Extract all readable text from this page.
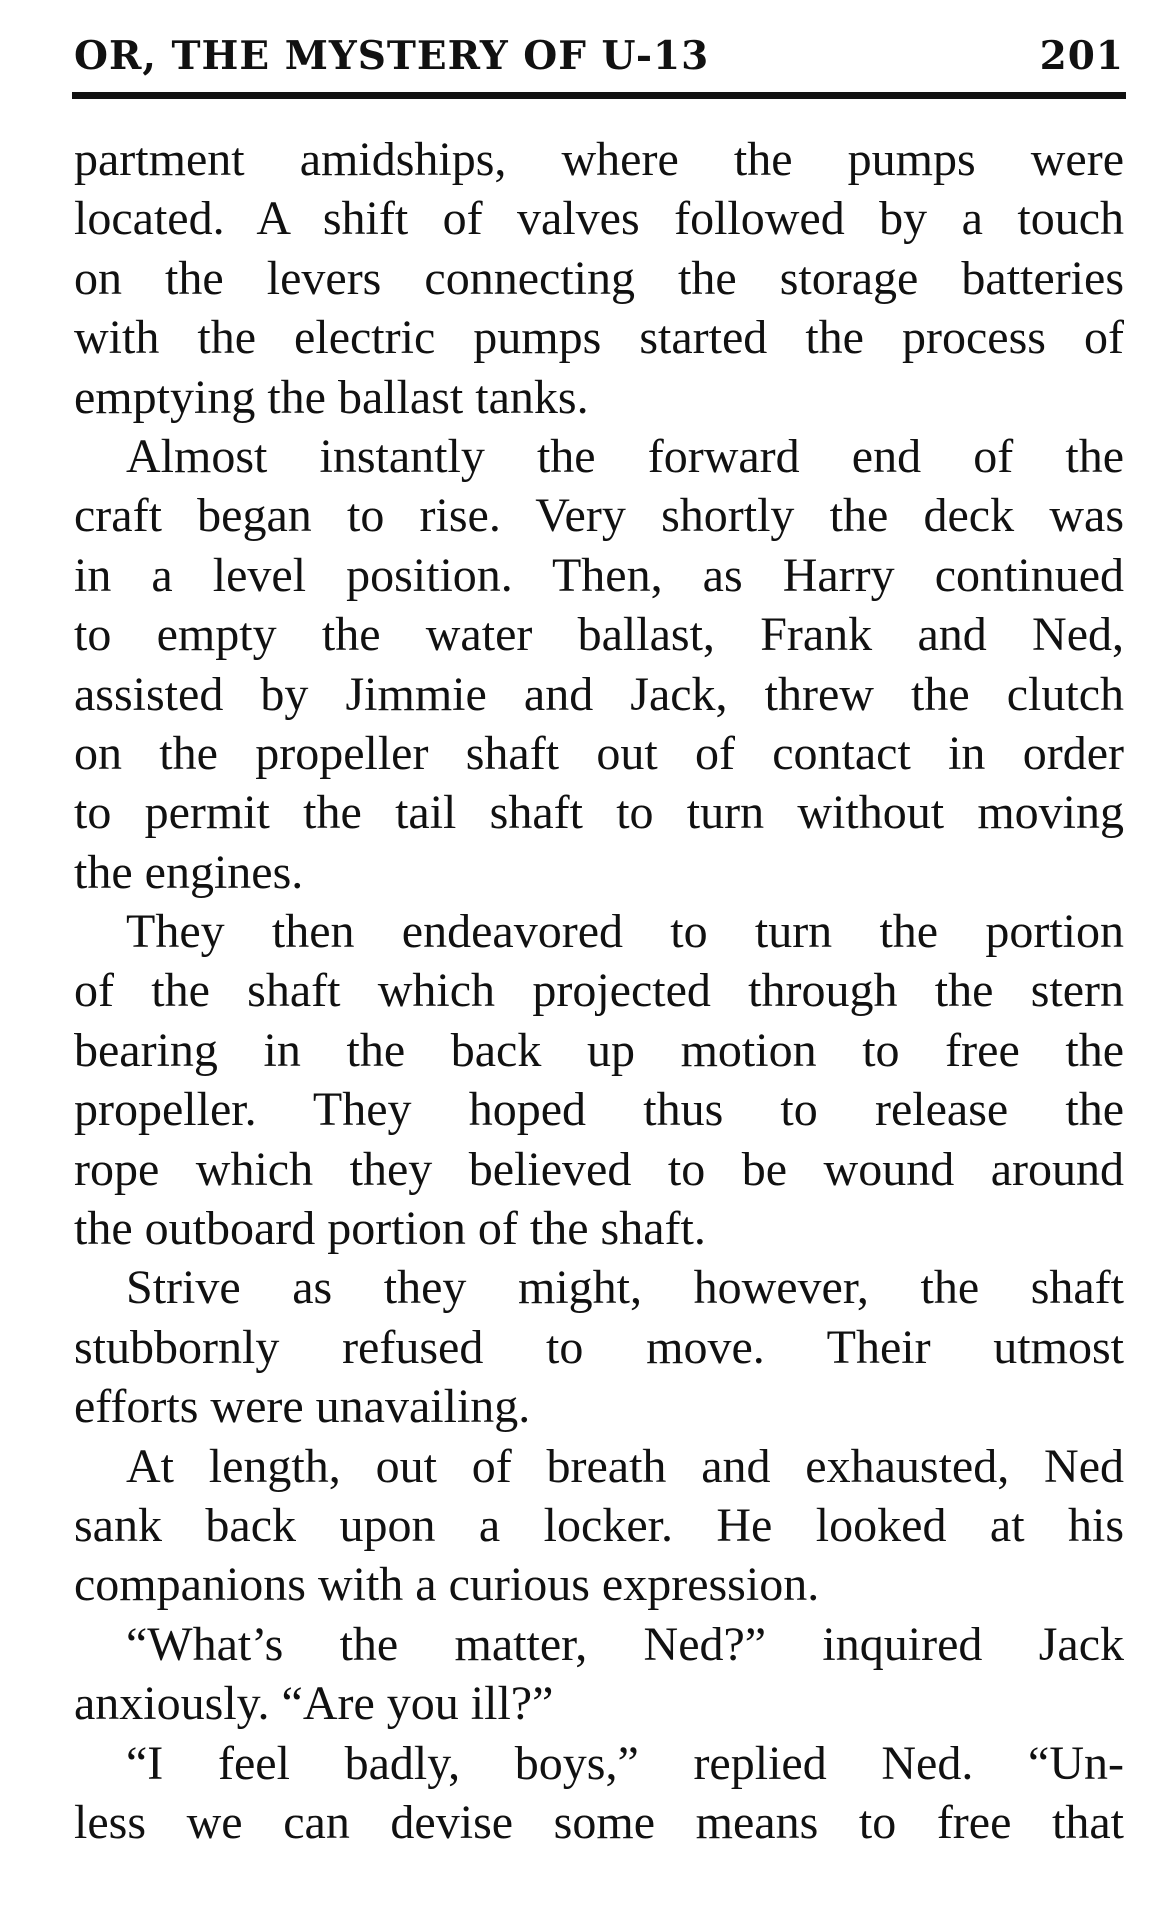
OR, THE MYSTERY OF U-13	201
partment amidships, where the pumps were
located. A shift of valves followed by a touch
on the levers connecting the storage batteries
with the electric pumps started the process of
emptying the ballast tanks.
Almost instantly the forward end of the
craft began to rise. Very shortly the deck was
in a level position. Then, as Harry continued
to empty the water ballast, Frank and Ned,
assisted by Jimmie and Jack, threw the clutch
on the propeller shaft out of contact in order
to permit the tail shaft to turn without moving
the engines.
They then endeavored to turn the portion
of the shaft which projected through the stern
bearing in the back up motion to free the
propeller. They hoped thus to release the
rope which they believed to be wound around
the outboard portion of the shaft.
Strive as they might, however, the shaft
stubbornly refused to move. Their utmost
efforts were unavailing.
At length, out of breath and exhausted, Ned
sank back upon a locker. He looked at his
companions with a curious expression.
“What’s the matter, Ned?” inquired Jack
anxiously. “Are you ill?”
“I feel badly, boys,” replied Ned. “Un-
less we can devise some means to free that
